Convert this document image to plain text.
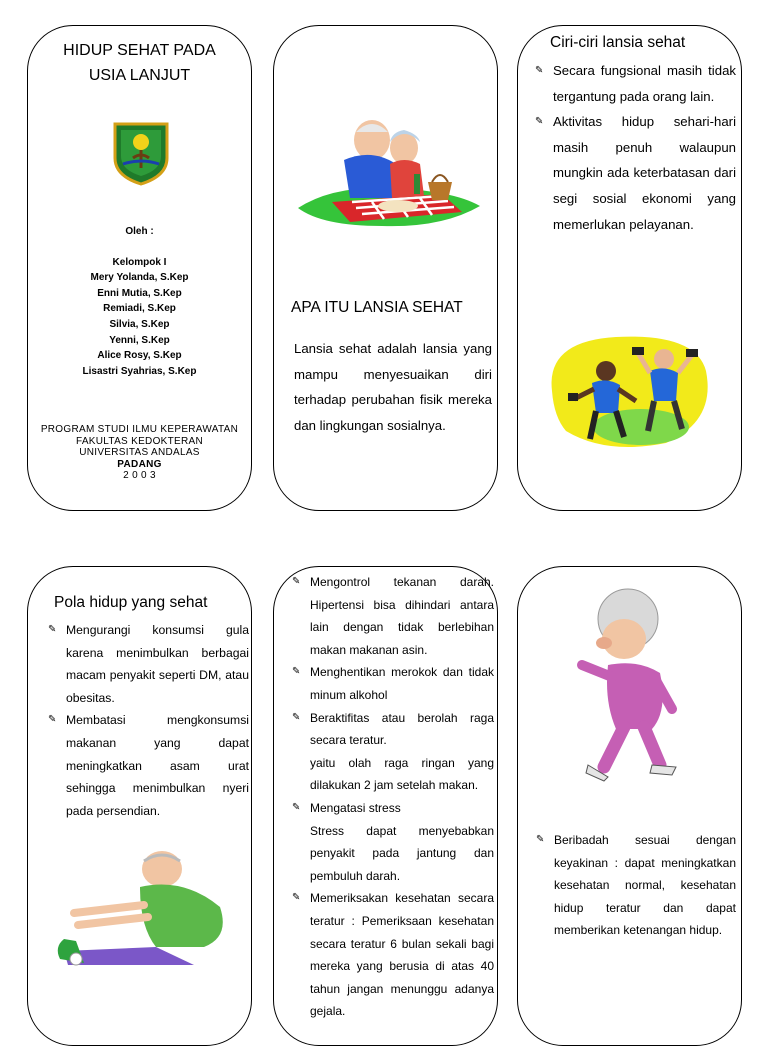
HIDUP SEHAT PADA
USIA LANJUT
Oleh :
Kelompok I
Mery Yolanda, S.Kep
Enni Mutia, S.Kep
Remiadi, S.Kep
Silvia, S.Kep
Yenni, S.Kep
Alice Rosy, S.Kep
Lisastri Syahrias, S.Kep
PROGRAM STUDI ILMU KEPERAWATAN
FAKULTAS KEDOKTERAN
UNIVERSITAS ANDALAS
PADANG
2 0 0 3
APA ITU LANSIA SEHAT
Lansia sehat adalah lansia yang mampu menyesuaikan diri terhadap perubahan fisik mereka dan lingkungan sosialnya.
Ciri-ciri lansia sehat
✎ Secara fungsional masih tidak tergantung pada orang lain.
✎ Aktivitas hidup sehari-hari masih penuh walaupun mungkin ada keterbatasan dari segi sosial ekonomi yang memerlukan pelayanan.
Pola hidup yang sehat
✎ Mengurangi konsumsi gula karena menimbulkan berbagai macam penyakit seperti DM, atau obesitas.
✎ Membatasi mengkonsumsi makanan yang dapat meningkatkan asam urat sehingga menimbulkan nyeri pada persendian.
✎ Mengontrol tekanan darah. Hipertensi bisa dihindari antara lain dengan tidak berlebihan makan makanan asin.
✎ Menghentikan merokok dan tidak minum alkohol
✎ Beraktifitas atau berolah raga secara teratur.
yaitu olah raga ringan yang dilakukan 2 jam setelah makan.
✎ Mengatasi stress
Stress dapat menyebabkan penyakit pada jantung dan pembuluh darah.
✎ Memeriksakan kesehatan secara teratur : Pemeriksaan kesehatan secara teratur 6 bulan sekali bagi mereka yang berusia di atas 40 tahun jangan menunggu adanya gejala.
✎ Beribadah sesuai dengan keyakinan : dapat meningkatkan kesehatan normal, kesehatan hidup teratur dan dapat memberikan ketenangan hidup.
